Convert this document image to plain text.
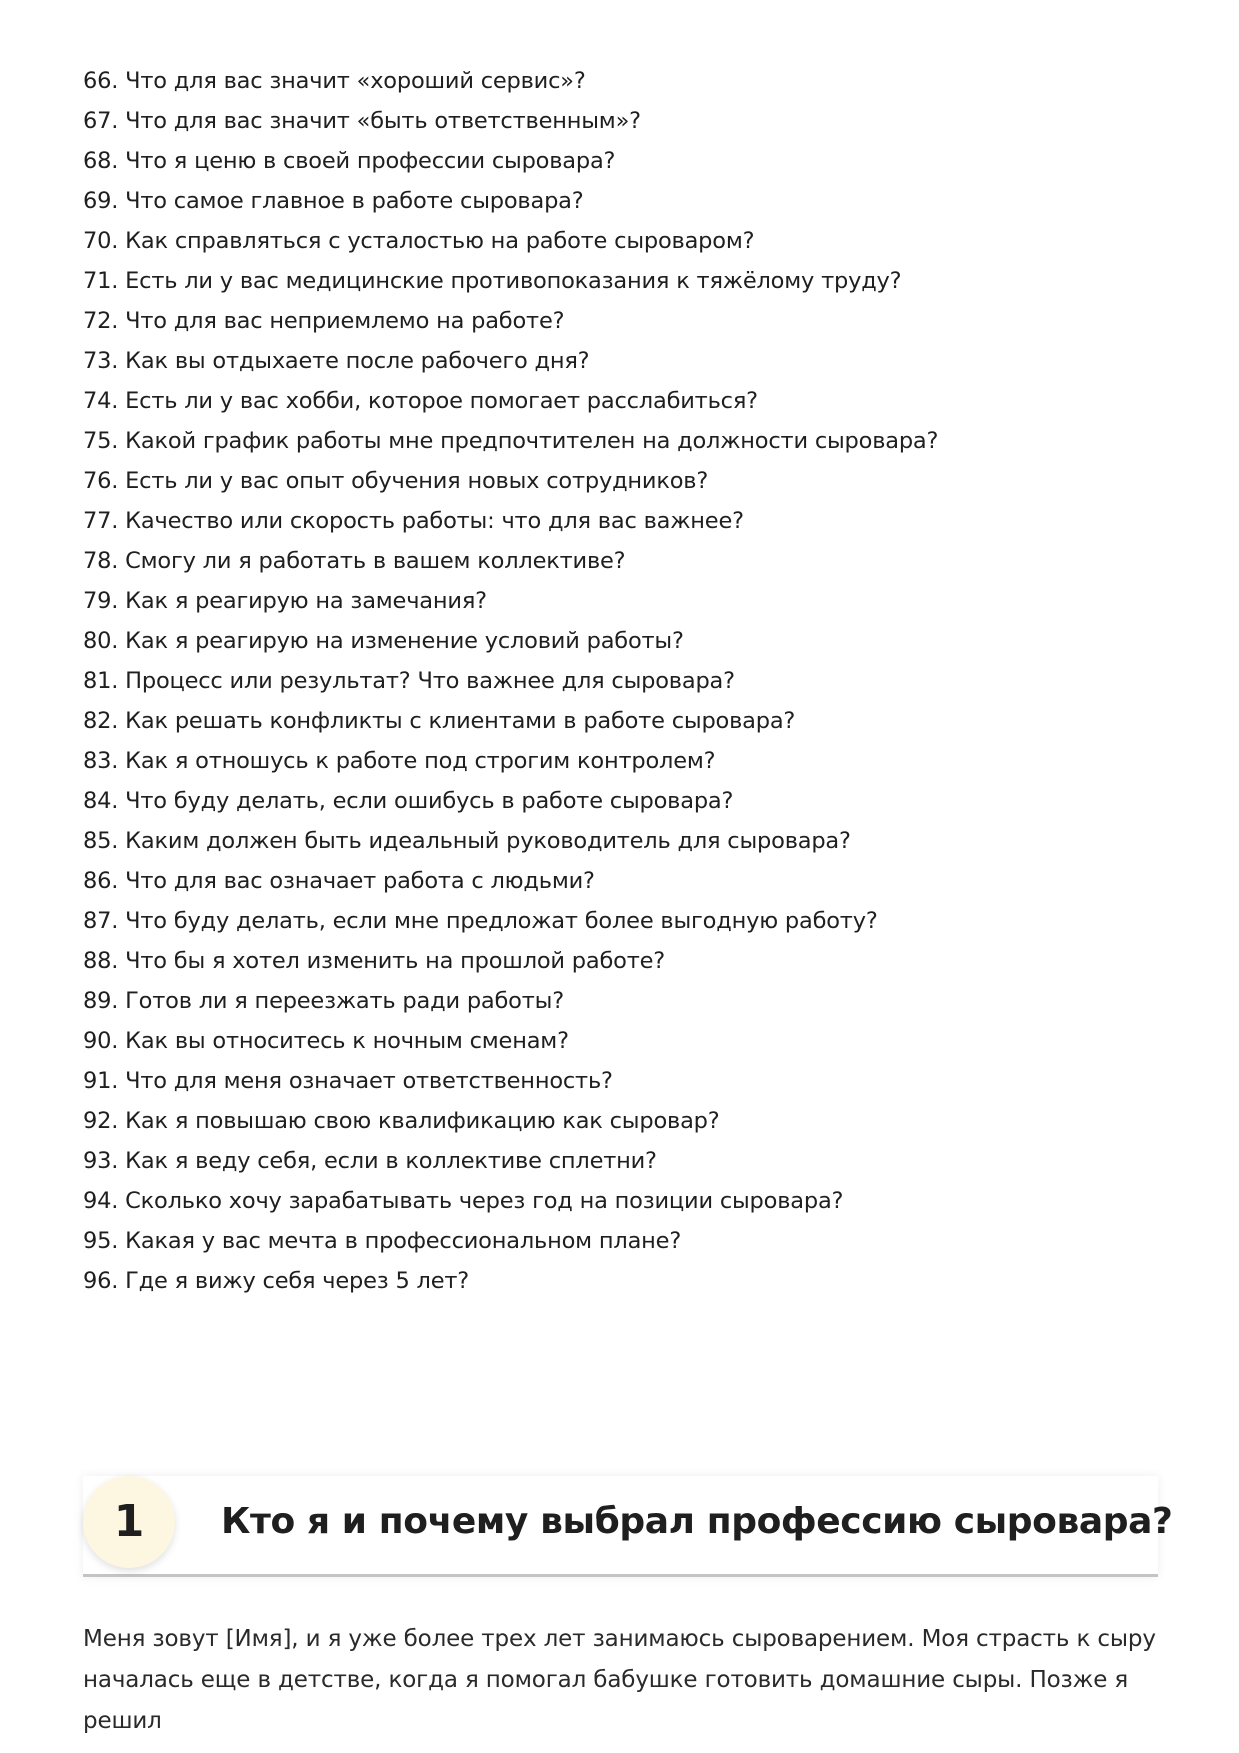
66. Что для вас значит «хороший сервис»?
67. Что для вас значит «быть ответственным»?
68. Что я ценю в своей профессии сыровара?
69. Что самое главное в работе сыровара?
70. Как справляться с усталостью на работе сыроваром?
71. Есть ли у вас медицинские противопоказания к тяжёлому труду?
72. Что для вас неприемлемо на работе?
73. Как вы отдыхаете после рабочего дня?
74. Есть ли у вас хобби, которое помогает расслабиться?
75. Какой график работы мне предпочтителен на должности сыровара?
76. Есть ли у вас опыт обучения новых сотрудников?
77. Качество или скорость работы: что для вас важнее?
78. Смогу ли я работать в вашем коллективе?
79. Как я реагирую на замечания?
80. Как я реагирую на изменение условий работы?
81. Процесс или результат? Что важнее для сыровара?
82. Как решать конфликты с клиентами в работе сыровара?
83. Как я отношусь к работе под строгим контролем?
84. Что буду делать, если ошибусь в работе сыровара?
85. Каким должен быть идеальный руководитель для сыровара?
86. Что для вас означает работа с людьми?
87. Что буду делать, если мне предложат более выгодную работу?
88. Что бы я хотел изменить на прошлой работе?
89. Готов ли я переезжать ради работы?
90. Как вы относитесь к ночным сменам?
91. Что для меня означает ответственность?
92. Как я повышаю свою квалификацию как сыровар?
93. Как я веду себя, если в коллективе сплетни?
94. Сколько хочу зарабатывать через год на позиции сыровара?
95. Какая у вас мечта в профессиональном плане?
96. Где я вижу себя через 5 лет?
1	Кто я и почему выбрал профессию сыровара?

Меня зовут [Имя], и я уже более трех лет занимаюсь сыроварением. Моя страсть к сыру началась еще в детстве, когда я помогал бабушке готовить домашние сыры. Позже я решил
